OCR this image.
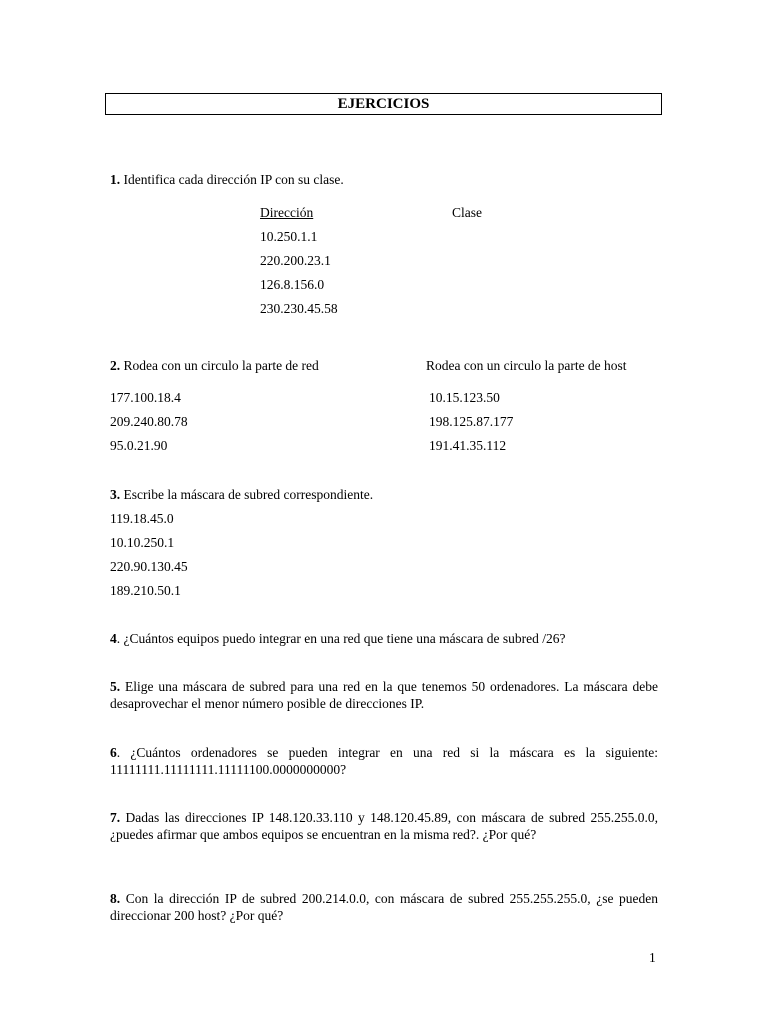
EJERCICIOS
1. Identifica cada dirección IP con su clase.
Dirección	Clase
10.250.1.1
220.200.23.1
126.8.156.0
230.230.45.58
2. Rodea con un circulo la parte de red	Rodea con un circulo la parte de host
177.100.18.4
209.240.80.78
95.0.21.90
10.15.123.50
198.125.87.177
191.41.35.112
3. Escribe la máscara de subred correspondiente.
119.18.45.0
10.10.250.1
220.90.130.45
189.210.50.1
4. ¿Cuántos equipos puedo integrar en una red que tiene una máscara de subred /26?
5. Elige una máscara de subred para una red en la que tenemos 50 ordenadores. La máscara debe desaprovechar el menor número posible de direcciones IP.
6. ¿Cuántos ordenadores se pueden integrar en una red si la máscara es la siguiente: 11111111.11111111.11111100.0000000000?
7. Dadas las direcciones IP 148.120.33.110 y 148.120.45.89, con máscara de subred 255.255.0.0, ¿puedes afirmar que ambos equipos se encuentran en la misma red?. ¿Por qué?
8. Con la dirección IP de subred 200.214.0.0, con máscara de subred 255.255.255.0, ¿se pueden direccionar 200 host? ¿Por qué?
1
